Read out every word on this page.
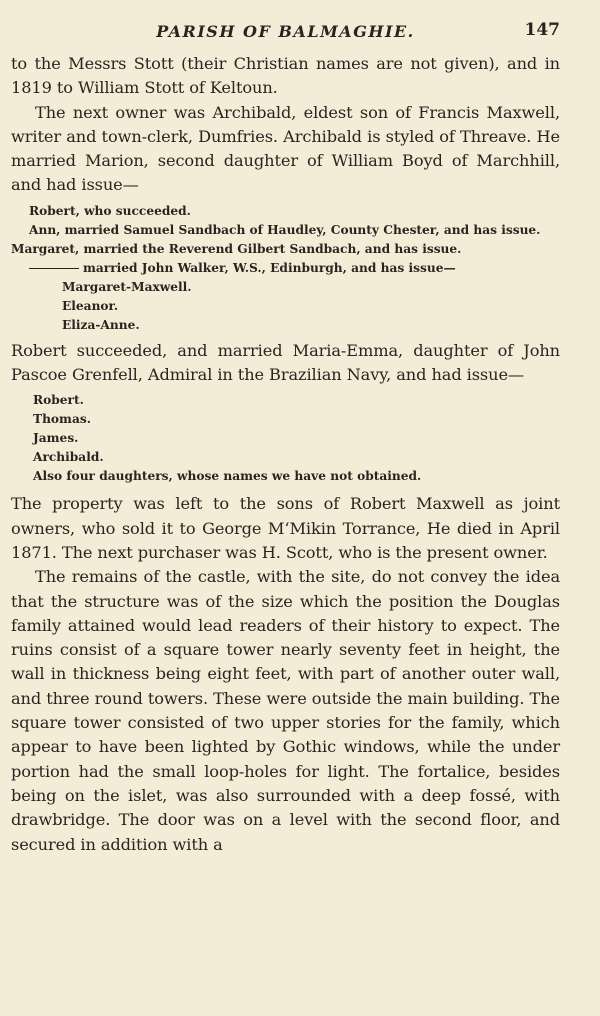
PARISH OF BALMAGHIE.	147

to the Messrs Stott (their Christian names are not given), and in 1819 to William Stott of Keltoun.

The next owner was Archibald, eldest son of Francis Maxwell, writer and town-clerk, Dumfries. Archibald is styled of Threave. He married Marion, second daughter of William Boyd of Marchhill, and had issue—

Robert, who succeeded.
Ann, married Samuel Sandbach of Haudley, County Chester, and has issue.
Margaret, married the Reverend Gilbert Sandbach, and has issue.
married John Walker, W.S., Edinburgh, and has issue—
Margaret-Maxwell.
Eleanor.
Eliza-Anne.

Robert succeeded, and married Maria-Emma, daughter of John Pascoe Grenfell, Admiral in the Brazilian Navy, and had issue—

Robert.
Thomas.
James.
Archibald.
Also four daughters, whose names we have not obtained.

The property was left to the sons of Robert Maxwell as joint owners, who sold it to George M‘Mikin Torrance, He died in April 1871. The next purchaser was H. Scott, who is the present owner.

The remains of the castle, with the site, do not convey the idea that the structure was of the size which the position the Douglas family attained would lead readers of their history to expect. The ruins consist of a square tower nearly seventy feet in height, the wall in thickness being eight feet, with part of another outer wall, and three round towers. These were outside the main building. The square tower consisted of two upper stories for the family, which appear to have been lighted by Gothic windows, while the under portion had the small loop-holes for light. The fortalice, besides being on the islet, was also surrounded with a deep fossé, with drawbridge. The door was on a level with the second floor, and secured in addition with a
